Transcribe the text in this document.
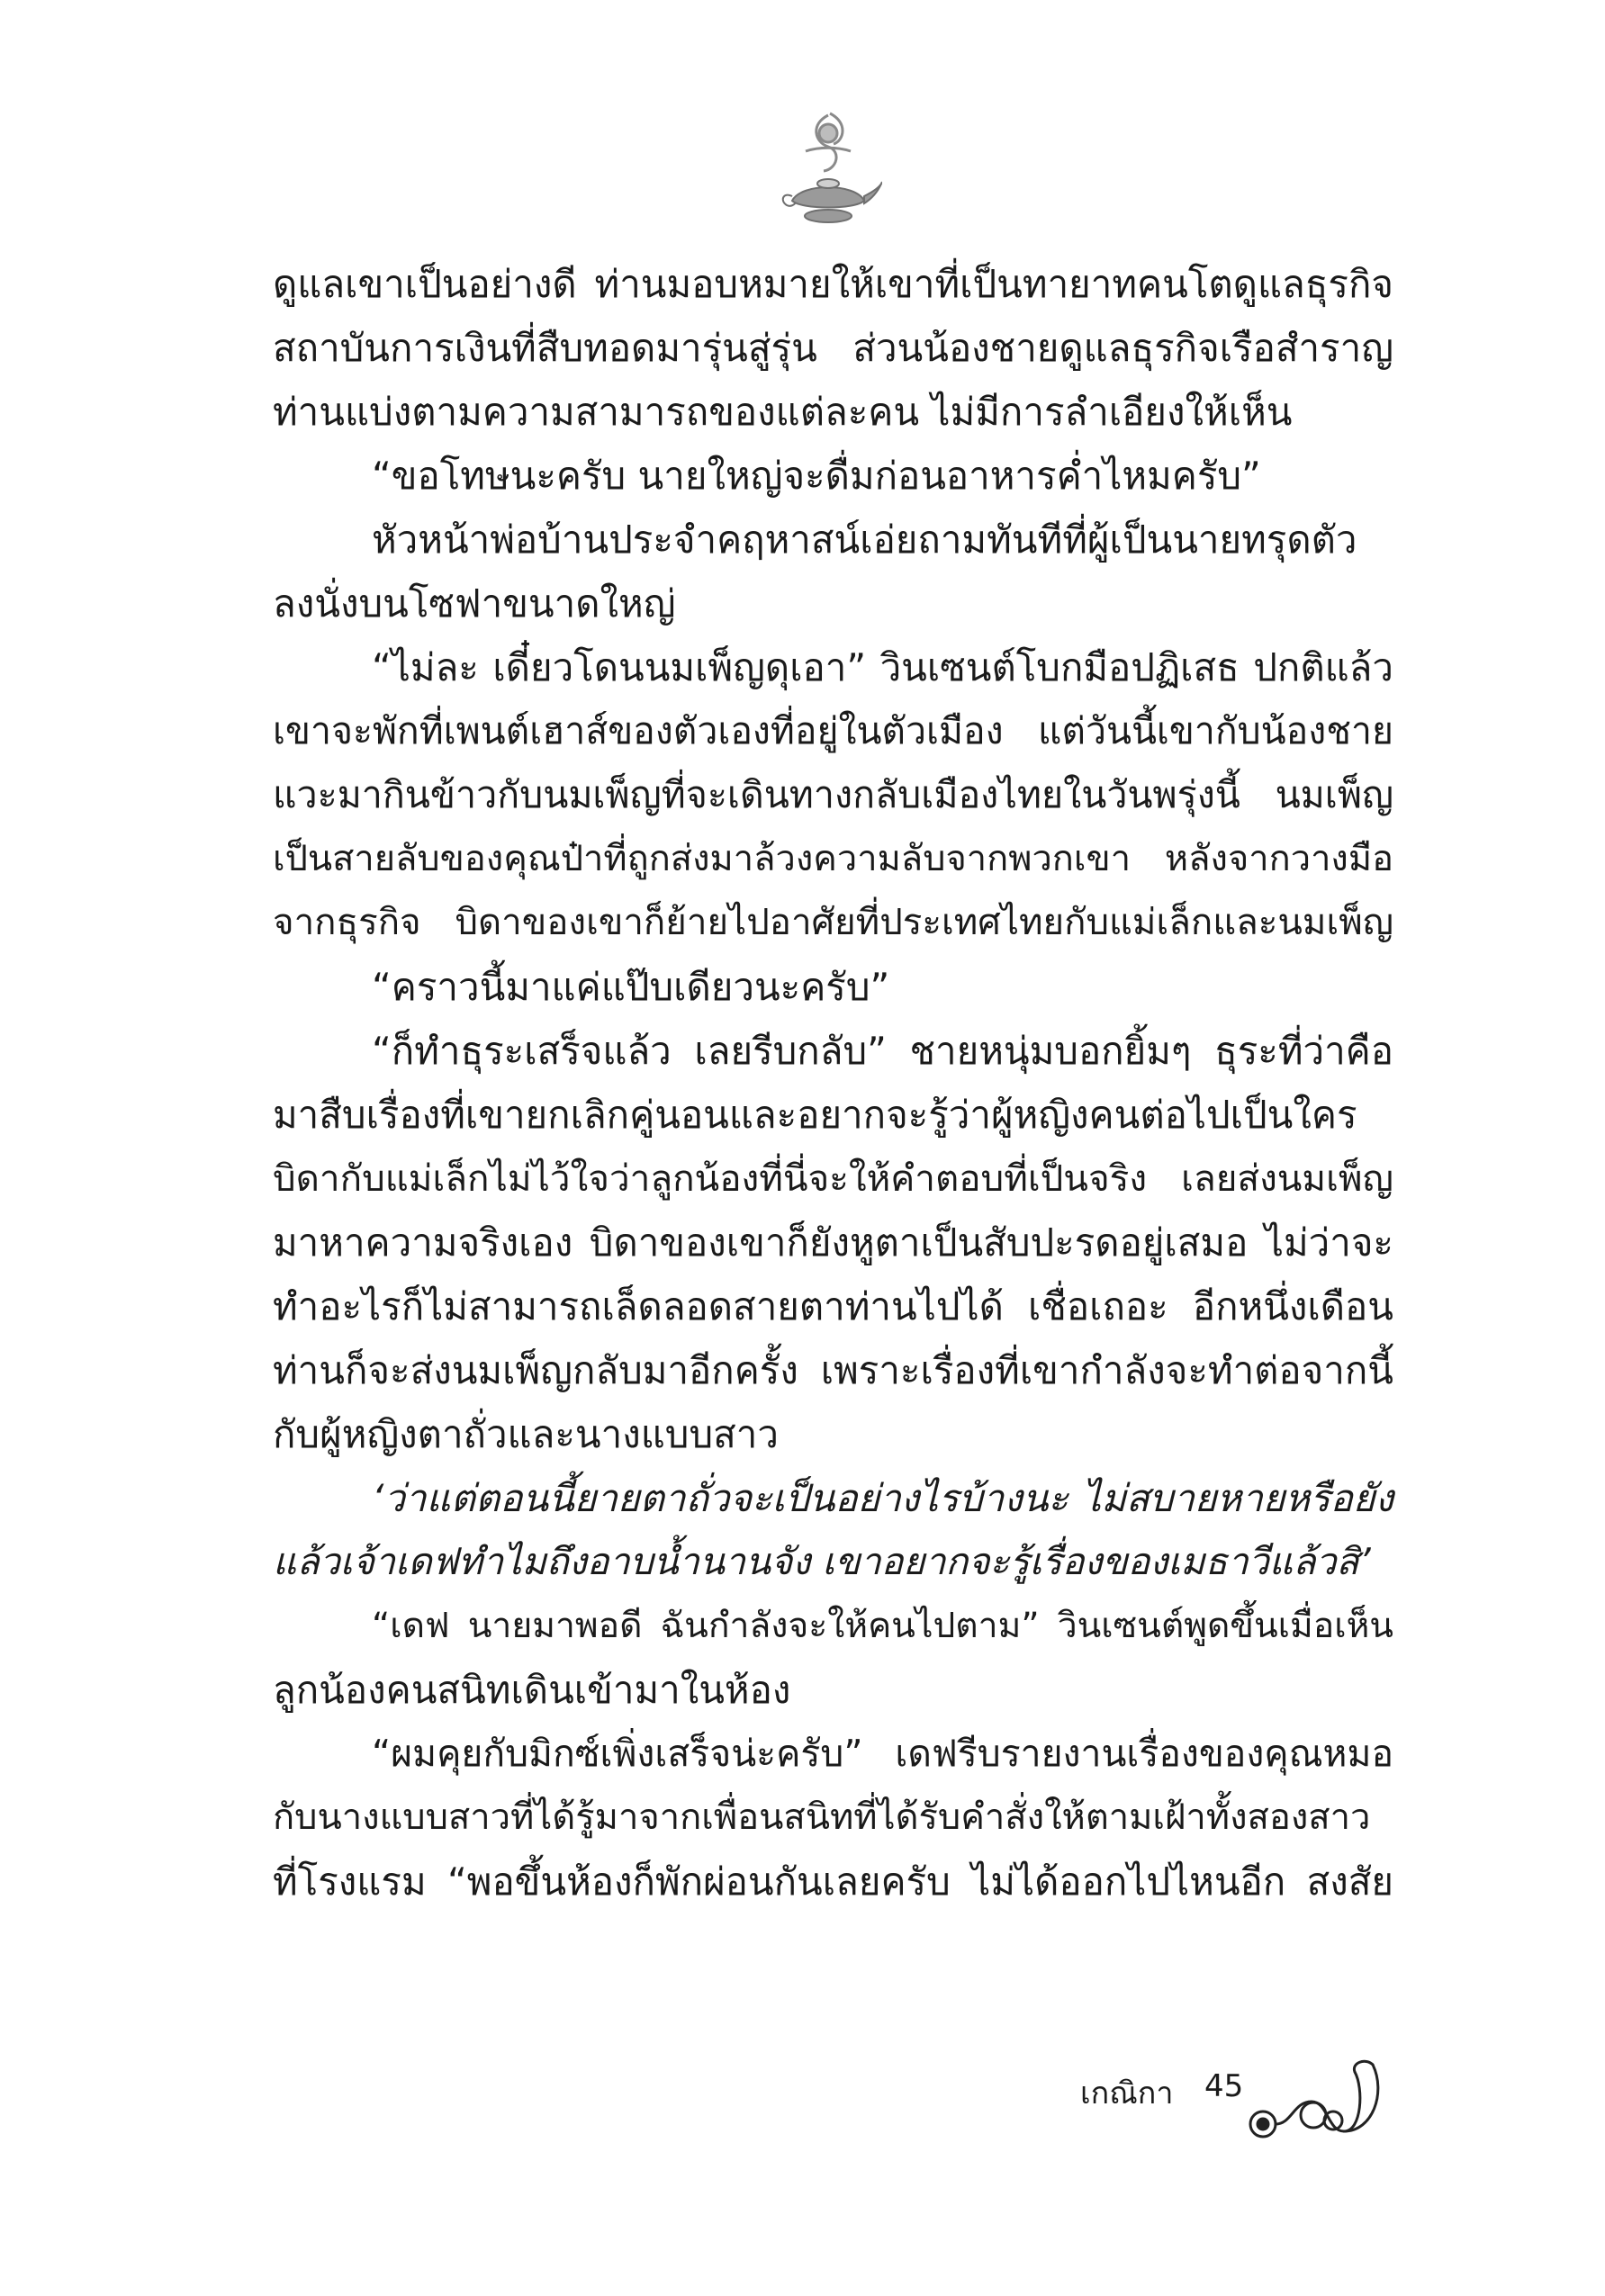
ดูแลเขาเป็นอย่างดี ท่านมอบหมายให้เขาที่เป็นทายาทคนโตดูแลธุรกิจ
สถาบันการเงินที่สืบทอดมารุ่นสู่รุ่น ส่วนน้องชายดูแลธุรกิจเรือสำราญ
ท่านแบ่งตามความสามารถของแต่ละคน ไม่มีการลำเอียงให้เห็น
“ขอโทษนะครับ นายใหญ่จะดื่มก่อนอาหารค่ำไหมครับ”
หัวหน้าพ่อบ้านประจำคฤหาสน์เอ่ยถามทันทีที่ผู้เป็นนายทรุดตัว
ลงนั่งบนโซฟาขนาดใหญ่
“ไม่ละ เดี๋ยวโดนนมเพ็ญดุเอา” วินเซนต์โบกมือปฏิเสธ ปกติแล้ว
เขาจะพักที่เพนต์เฮาส์ของตัวเองที่อยู่ในตัวเมือง แต่วันนี้เขากับน้องชาย
แวะมากินข้าวกับนมเพ็ญที่จะเดินทางกลับเมืองไทยในวันพรุ่งนี้ นมเพ็ญ
เป็นสายลับของคุณป๋าที่ถูกส่งมาล้วงความลับจากพวกเขา หลังจากวางมือ
จากธุรกิจ บิดาของเขาก็ย้ายไปอาศัยที่ประเทศไทยกับแม่เล็กและนมเพ็ญ
“คราวนี้มาแค่แป๊บเดียวนะครับ”
“ก็ทำธุระเสร็จแล้ว เลยรีบกลับ” ชายหนุ่มบอกยิ้มๆ ธุระที่ว่าคือ
มาสืบเรื่องที่เขายกเลิกคู่นอนและอยากจะรู้ว่าผู้หญิงคนต่อไปเป็นใคร
บิดากับแม่เล็กไม่ไว้ใจว่าลูกน้องที่นี่จะให้คำตอบที่เป็นจริง เลยส่งนมเพ็ญ
มาหาความจริงเอง บิดาของเขาก็ยังหูตาเป็นสับปะรดอยู่เสมอ ไม่ว่าจะ
ทำอะไรก็ไม่สามารถเล็ดลอดสายตาท่านไปได้ เชื่อเถอะ อีกหนึ่งเดือน
ท่านก็จะส่งนมเพ็ญกลับมาอีกครั้ง เพราะเรื่องที่เขากำลังจะทำต่อจากนี้
กับผู้หญิงตาถั่วและนางแบบสาว
‘ว่าแต่ตอนนี้ยายตาถั่วจะเป็นอย่างไรบ้างนะ ไม่สบายหายหรือยัง
แล้วเจ้าเดฟทำไมถึงอาบน้ำนานจัง เขาอยากจะรู้เรื่องของเมธาวีแล้วสิ’
“เดฟ นายมาพอดี ฉันกำลังจะให้คนไปตาม” วินเซนต์พูดขึ้นเมื่อเห็น
ลูกน้องคนสนิทเดินเข้ามาในห้อง
“ผมคุยกับมิกซ์เพิ่งเสร็จน่ะครับ” เดฟรีบรายงานเรื่องของคุณหมอ
กับนางแบบสาวที่ได้รู้มาจากเพื่อนสนิทที่ได้รับคำสั่งให้ตามเฝ้าทั้งสองสาว
ที่โรงแรม “พอขึ้นห้องก็พักผ่อนกันเลยครับ ไม่ได้ออกไปไหนอีก สงสัย
เกณิกา 45
